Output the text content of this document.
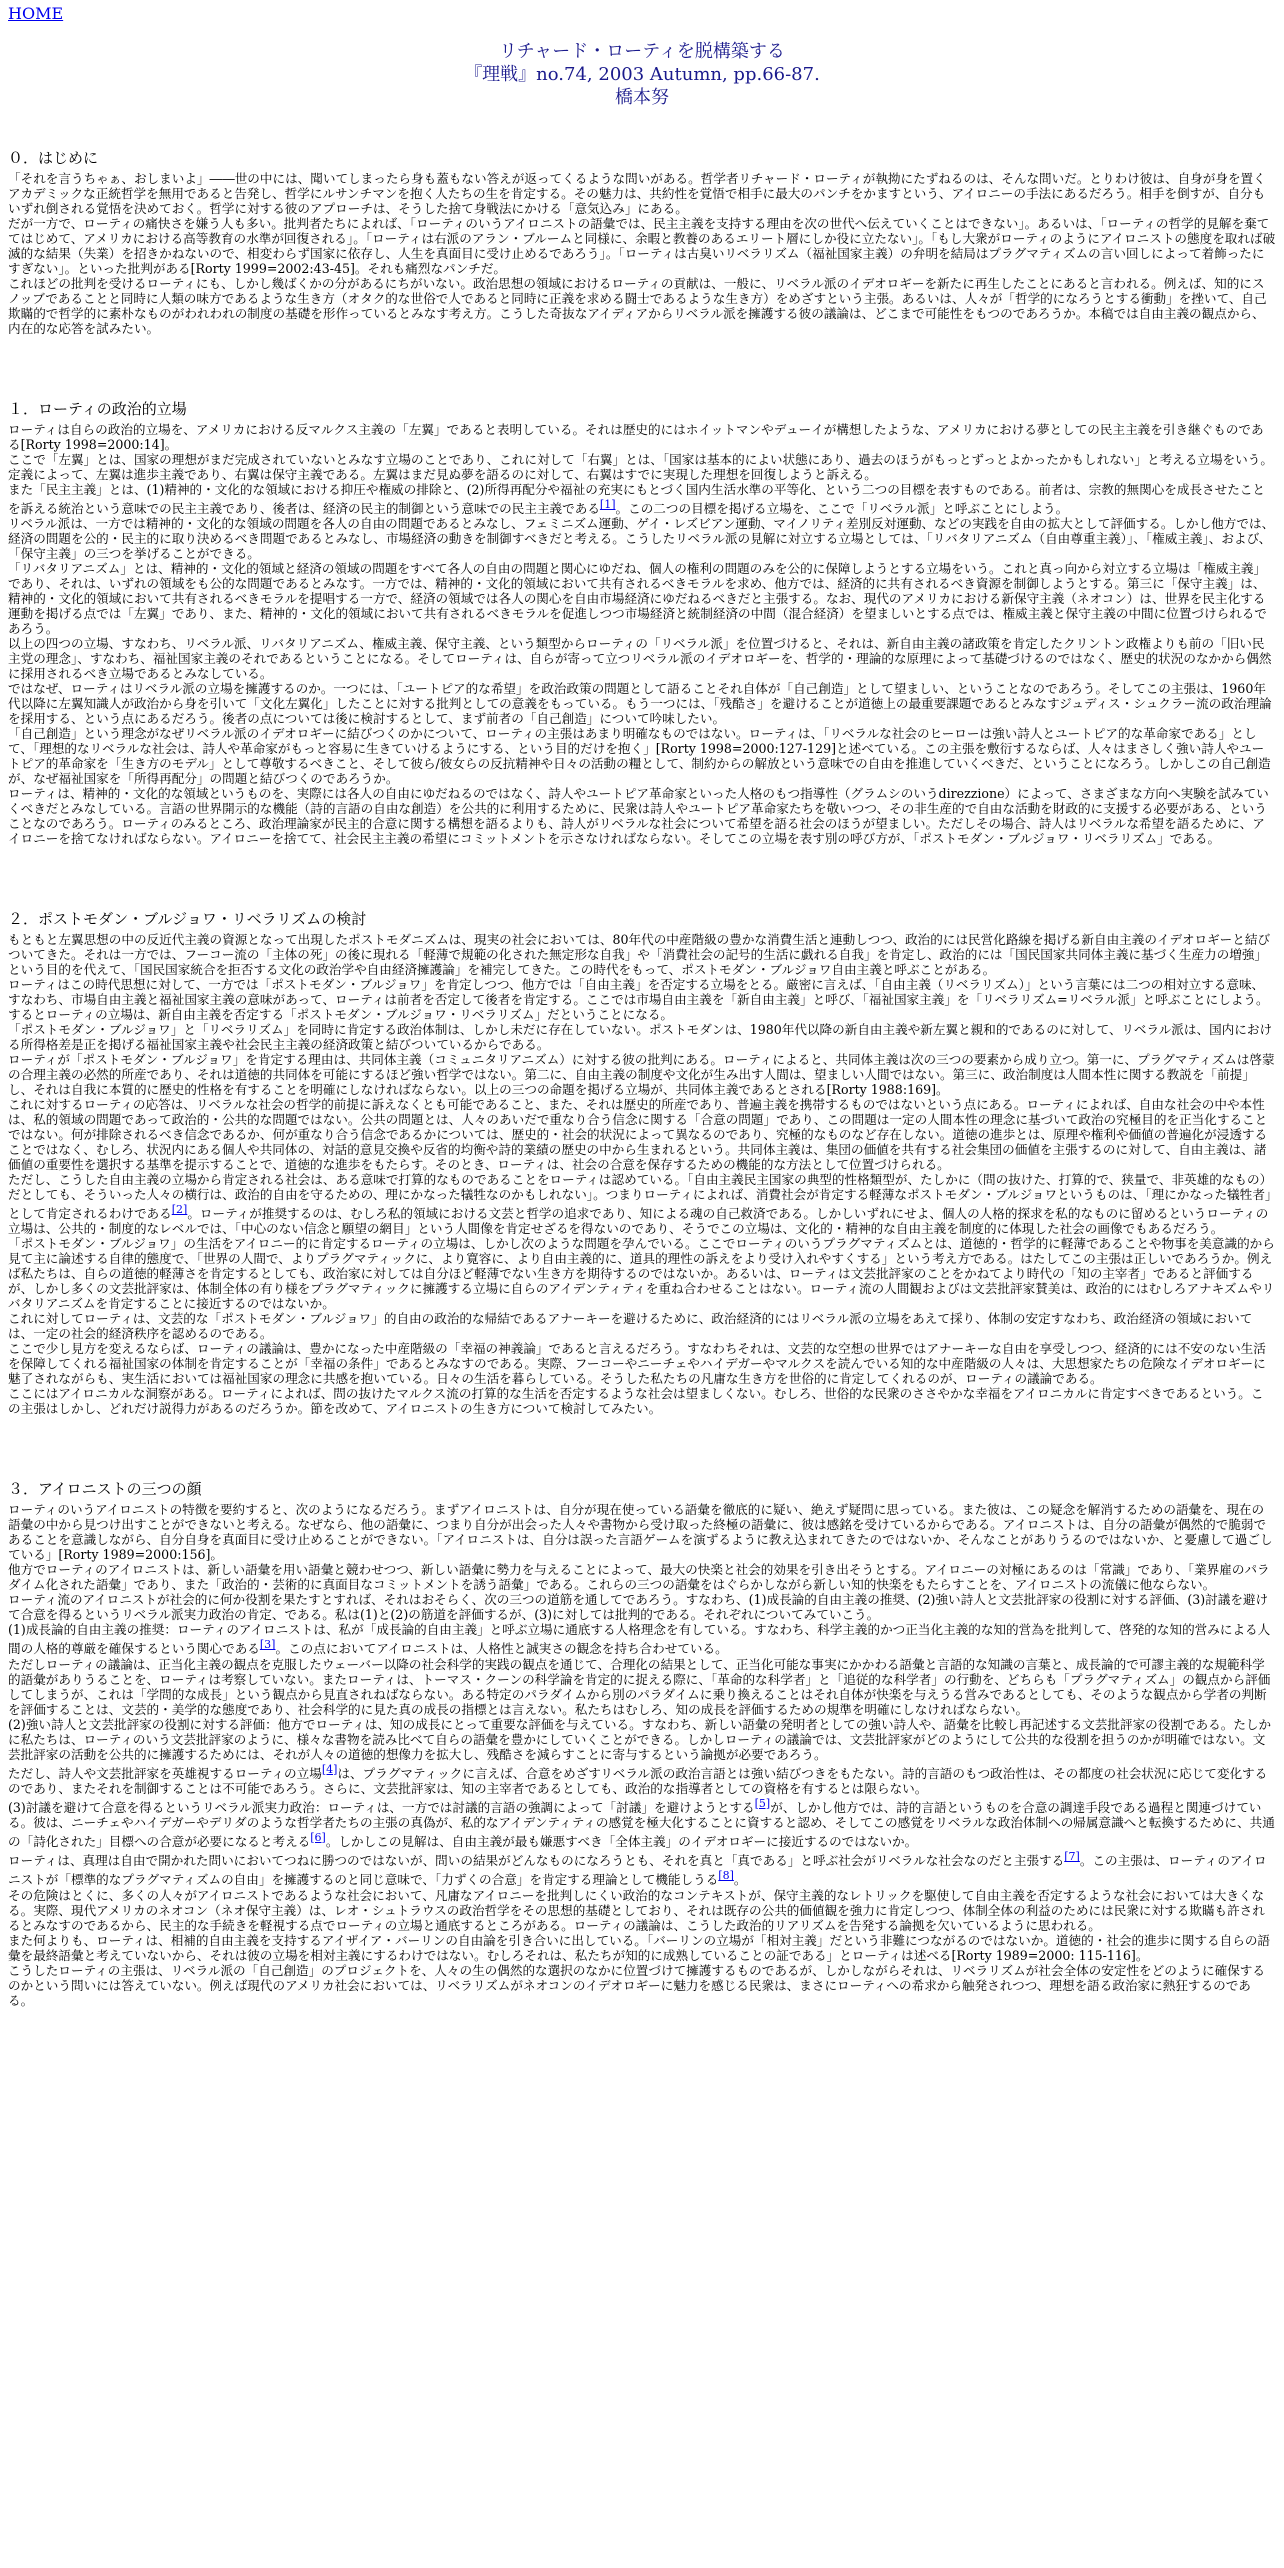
HOME
リチャード・ローティを脱構築する
『理戦』no.74, 2003 Autumn, pp.66-87.
橋本努
０．はじめに

「それを言うちゃぁ、おしまいよ」――世の中には、聞いてしまったら身も蓋もない答えが返ってくるような問いがある。哲学者リチャード・ローティが執拗にたずねるのは、そんな問いだ。とりわけ彼は、自身が身を置くアカデミックな正統哲学を無用であると告発し、哲学にルサンチマンを抱く人たちの生を肯定する。その魅力は、共約性を覚悟で相手に最大のパンチをかますという、アイロニーの手法にあるだろう。相手を倒すが、自分もいずれ倒される覚悟を決めておく。哲学に対する彼のアプローチは、そうした捨て身戦法にかける「意気込み」にある。

だが一方で、ローティの痛快さを嫌う人も多い。批判者たちによれば、「ローティのいうアイロニストの語彙では、民主主義を支持する理由を次の世代へ伝えていくことはできない」。あるいは、「ローティの哲学的見解を棄ててはじめて、アメリカにおける高等教育の水準が回復される」。「ローティは右派のアラン・ブルームと同様に、余暇と教養のあるエリート層にしか役に立たない」。「もし大衆がローティのようにアイロニストの態度を取れば破滅的な結果（失業）を招きかねないので、相変わらず国家に依存し、人生を真面目に受け止めるであろう」。「ローティは古臭いリベラリズム（福祉国家主義）の弁明を結局はプラグマティズムの言い回しによって着飾ったにすぎない」。といった批判がある[Rorty 1999=2002:43-45]。それも痛烈なパンチだ。

これほどの批判を受けるローティにも、しかし幾ばくかの分があるにちがいない。政治思想の領域におけるローティの貢献は、一般に、リベラル派のイデオロギーを新たに再生したことにあると言われる。例えば、知的にスノッブであることと同時に人類の味方であるような生き方（オタク的な世俗で人であると同時に正義を求める闘士であるような生き方）をめざすという主張。あるいは、人々が「哲学的になろうとする衝動」を挫いて、自己欺瞞的で哲学的に素朴なものがわれわれの制度の基礎を形作っているとみなす考え方。こうした奇抜なアイディアからリベラル派を擁護する彼の議論は、どこまで可能性をもつのであろうか。本稿では自由主義の観点から、内在的な応答を試みたい。

１．ローティの政治的立場

ローティは自らの政治的立場を、アメリカにおける反マルクス主義の「左翼」であると表明している。それは歴史的にはホイットマンやデューイが構想したような、アメリカにおける夢としての民主主義を引き継ぐものである[Rorty 1998=2000:14]。

ここで「左翼」とは、国家の理想がまだ完成されていないとみなす立場のことであり、これに対して「右翼」とは、「国家は基本的によい状態にあり、過去のほうがもっとずっとよかったかもしれない」と考える立場をいう。定義によって、左翼は進歩主義であり、右翼は保守主義である。左翼はまだ見ぬ夢を語るのに対して、右翼はすでに実現した理想を回復しようと訴える。

また「民主主義」とは、(1)精神的・文化的な領域における抑圧や権威の排除と、(2)所得再配分や福祉の充実にもとづく国内生活水準の平等化、という二つの目標を表すものである。前者は、宗教的無関心を成長させたことを訴える統治という意味での民主主義であり、後者は、経済の民主的制御という意味での民主主義である[1]。この二つの目標を掲げる立場を、ここで「リベラル派」と呼ぶことにしよう。

リベラル派は、一方では精神的・文化的な領域の問題を各人の自由の問題であるとみなし、フェミニズム運動、ゲイ・レズビアン運動、マイノリティ差別反対運動、などの実践を自由の拡大として評価する。しかし他方では、経済の問題を公的・民主的に取り決めるべき問題であるとみなし、市場経済の動きを制御すべきだと考える。こうしたリベラル派の見解に対立する立場としては、「リバタリアニズム（自由尊重主義）」、「権威主義」、および、「保守主義」の三つを挙げることができる。

「リバタリアニズム」とは、精神的・文化的領域と経済の領域の問題をすべて各人の自由の問題と関心にゆだね、個人の権利の問題のみを公的に保障しようとする立場をいう。これと真っ向から対立する立場は「権威主義」であり、それは、いずれの領域をも公的な問題であるとみなす。一方では、精神的・文化的領域において共有されるべきモラルを求め、他方では、経済的に共有されるべき資源を制御しようとする。第三に「保守主義」は、精神的・文化的領域において共有されるべきモラルを提唱する一方で、経済の領域では各人の関心を自由市場経済にゆだねるべきだと主張する。なお、現代のアメリカにおける新保守主義（ネオコン）は、世界を民主化する運動を掲げる点では「左翼」であり、また、精神的・文化的領域において共有されるべきモラルを促進しつつ市場経済と統制経済の中間（混合経済）を望ましいとする点では、権威主義と保守主義の中間に位置づけられるであろう。

以上の四つの立場、すなわち、リベラル派、リバタリアニズム、権威主義、保守主義、という類型からローティの「リベラル派」を位置づけると、それは、新自由主義の諸政策を肯定したクリントン政権よりも前の「旧い民主党の理念」、すなわち、福祉国家主義のそれであるということになる。そしてローティは、自らが寄って立つリベラル派のイデオロギーを、哲学的・理論的な原理によって基礎づけるのではなく、歴史的状況のなかから偶然に採用されるべき立場であるとみなしている。

ではなぜ、ローティはリベラル派の立場を擁護するのか。一つには、「ユートピア的な希望」を政治政策の問題として語ることそれ自体が「自己創造」として望ましい、ということなのであろう。そしてこの主張は、1960年代以降に左翼知識人が政治から身を引いて「文化左翼化」したことに対する批判としての意義をもっている。もう一つには、「残酷さ」を避けることが道徳上の最重要課題であるとみなすジュディス・シュクラー流の政治理論を採用する、という点にあるだろう。後者の点については後に検討するとして、まず前者の「自己創造」について吟味したい。

「自己創造」という理念がなぜリベラル派のイデオロギーに結びつくのかについて、ローティの主張はあまり明確なものではない。ローティは、「リベラルな社会のヒーローは強い詩人とユートピア的な革命家である」として、「理想的なリベラルな社会は、詩人や革命家がもっと容易に生きていけるようにする、という目的だけを抱く」[Rorty 1998=2000:127-129]と述べている。この主張を敷衍するならば、人々はまさしく強い詩人やユートピア的革命家を「生き方のモデル」として尊敬するべきこと、そして彼ら/彼女らの反抗精神や日々の活動の糧として、制約からの解放という意味での自由を推進していくべきだ、ということになろう。しかしこの自己創造が、なぜ福祉国家を「所得再配分」の問題と結びつくのであろうか。

ローティは、精神的・文化的な領域というものを、実際には各人の自由にゆだねるのではなく、詩人やユートピア革命家といった人格のもつ指導性（グラムシのいうdirezzione）によって、さまざまな方向へ実験を試みていくべきだとみなしている。言語の世界開示的な機能（詩的言語の自由な創造）を公共的に利用するために、民衆は詩人やユートピア革命家たちを敬いつつ、その非生産的で自由な活動を財政的に支援する必要がある、ということなのであろう。ローティのみるところ、政治理論家が民主的合意に関する構想を語るよりも、詩人がリベラルな社会について希望を語る社会のほうが望ましい。ただしその場合、詩人はリベラルな希望を語るために、アイロニーを捨てなければならない。アイロニーを捨てて、社会民主主義の希望にコミットメントを示さなければならない。そしてこの立場を表す別の呼び方が、「ポストモダン・ブルジョワ・リベラリズム」である。

２．ポストモダン・ブルジョワ・リベラリズムの検討

もともと左翼思想の中の反近代主義の資源となって出現したポストモダニズムは、現実の社会においては、80年代の中産階級の豊かな消費生活と連動しつつ、政治的には民営化路線を掲げる新自由主義のイデオロギーと結びついてきた。それは一方では、フーコー流の「主体の死」の後に現れる「軽薄で規範の化された無定形な自我」や「消費社会の記号的生活に戯れる自我」を肯定し、政治的には「国民国家共同体主義に基づく生産力の増強」という目的を代えて、「国民国家統合を拒否する文化の政治学や自由経済擁護論」を補完してきた。この時代をもって、ポストモダン・ブルジョワ自由主義と呼ぶことがある。

ローティはこの時代思想に対して、一方では「ポストモダン・ブルジョワ」を肯定しつつ、他方では「自由主義」を否定する立場をとる。厳密に言えば、「自由主義（リベラリズム）」という言葉には二つの相対立する意味、すなわち、市場自由主義と福祉国家主義の意味があって、ローティは前者を否定して後者を肯定する。ここでは市場自由主義を「新自由主義」と呼び、「福祉国家主義」を「リベラリズム=リベラル派」と呼ぶことにしよう。するとローティの立場は、新自由主義を否定する「ポストモダン・ブルジョワ・リベラリズム」だということになる。

「ポストモダン・ブルジョワ」と「リベラリズム」を同時に肯定する政治体制は、しかし未だに存在していない。ポストモダンは、1980年代以降の新自由主義や新左翼と親和的であるのに対して、リベラル派は、国内における所得格差是正を掲げる福祉国家主義や社会民主主義の経済政策と結びついているからである。

ローティが「ポストモダン・ブルジョワ」を肯定する理由は、共同体主義（コミュニタリアニズム）に対する彼の批判にある。ローティによると、共同体主義は次の三つの要素から成り立つ。第一に、プラグマティズムは啓蒙の合理主義の必然的所産であり、それは道徳的共同体を可能にするほど強い哲学ではない。第二に、自由主義の制度や文化が生み出す人間は、望ましい人間ではない。第三に、政治制度は人間本性に関する教説を「前提」し、それは自我に本質的に歴史的性格を有することを明確にしなければならない。以上の三つの命題を掲げる立場が、共同体主義であるとされる[Rorty 1988:169]。

これに対するローティの応答は、リベラルな社会の哲学的前提に訴えなくとも可能であること、また、それは歴史的所産であり、普遍主義を携帯するものではないという点にある。ローティによれば、自由な社会の中や本性は、私的領域の問題であって政治的・公共的な問題ではない。公共の問題とは、人々のあいだで重なり合う信念に関する「合意の問題」であり、この問題は一定の人間本性の理念に基づいて政治の究極目的を正当化することではない。何が排除されるべき信念であるか、何が重なり合う信念であるかについては、歴史的・社会的状況によって異なるのであり、究極的なものなど存在しない。道徳の進歩とは、原理や権利や価値の普遍化が浸透することではなく、むしろ、状況内にある個人や共同体の、対話的意見交換や反省的均衡や詩的業績の歴史の中から生まれるという。共同体主義は、集団の価値を共有する社会集団の価値を主張するのに対して、自由主義は、諸価値の重要性を選択する基準を提示することで、道徳的な進歩をもたらす。そのとき、ローティは、社会の合意を保存するための機能的な方法として位置づけられる。

ただし、こうした自由主義の立場から肯定される社会は、ある意味で打算的なものであることをローティは認めている。「自由主義民主国家の典型的性格類型が、たしかに（問の抜けた、打算的で、狭量で、非英雄的なもの）だとしても、そういった人々の横行は、政治的自由を守るための、理にかなった犠牲なのかもしれない」。つまりローティによれば、消費社会が肯定する軽薄なポストモダン・ブルジョワというものは、「理にかなった犠牲者」として肯定されるわけである[2]。ローティが推奨するのは、むしろ私的領域における文芸と哲学の追求であり、知による魂の自己救済である。しかしいずれにせよ、個人の人格的探求を私的なものに留めるというローティの立場は、公共的・制度的なレベルでは、「中心のない信念と願望の網目」という人間像を肯定せざるを得ないのであり、そうでこの立場は、文化的・精神的な自由主義を制度的に体現した社会の画像でもあるだろう。

「ポストモダン・ブルジョワ」の生活をアイロニー的に肯定するローティの立場は、しかし次のような問題を孕んでいる。ここでローティのいうプラグマティズムとは、道徳的・哲学的に軽薄であることや物事を美意識的から見て主に論述する自律的態度で、「世界の人間で、よりプラグマティックに、より寛容に、より自由主義的に、道具的理性の訴えをより受け入れやすくする」という考え方である。はたしてこの主張は正しいであろうか。例えば私たちは、自らの道徳的軽薄さを肯定するとしても、政治家に対しては自分ほど軽薄でない生き方を期待するのではないか。あるいは、ローティは文芸批評家のことをかねてより時代の「知の主宰者」であると評価するが、しかし多くの文芸批評家は、体制全体の有り様をプラグマティックに擁護する立場に自らのアイデンティティを重ね合わせることはない。ローティ流の人間観およびは文芸批評家賛美は、政治的にはむしろアナキズムやリバタリアニズムを肯定することに接近するのではないか。

これに対してローティは、文芸的な「ポストモダン・ブルジョワ」的自由の政治的な帰結であるアナーキーを避けるために、政治経済的にはリベラル派の立場をあえて採り、体制の安定すなわち、政治経済の領域においては、一定の社会的経済秩序を認めるのである。

ここで少し見方を変えるならば、ローティの議論は、豊かになった中産階級の「幸福の神義論」であると言えるだろう。すなわちそれは、文芸的な空想の世界ではアナーキーな自由を享受しつつ、経済的には不安のない生活を保障してくれる福祉国家の体制を肯定することが「幸福の条件」であるとみなすのである。実際、フーコーやニーチェやハイデガーやマルクスを読んでいる知的な中産階級の人々は、大思想家たちの危険なイデオロギーに魅了されながらも、実生活においては福祉国家の理念に共感を抱いている。日々の生活を暮らしている。そうした私たちの凡庸な生き方を世俗的に肯定してくれるのが、ローティの議論である。

ここにはアイロニカルな洞察がある。ローティによれば、問の抜けたマルクス流の打算的な生活を否定するような社会は望ましくない。むしろ、世俗的な民衆のささやかな幸福をアイロニカルに肯定すべきであるという。この主張はしかし、どれだけ説得力があるのだろうか。節を改めて、アイロニストの生き方について検討してみたい。

３．アイロニストの三つの顔

ローティのいうアイロニストの特徴を要約すると、次のようになるだろう。まずアイロニストは、自分が現在使っている語彙を徹底的に疑い、絶えず疑問に思っている。また彼は、この疑念を解消するための語彙を、現在の語彙の中から見つけ出すことができないと考える。なぜなら、他の語彙に、つまり自分が出会った人々や書物から受け取った終極の語彙に、彼は感銘を受けているからである。アイロニストは、自分の語彙が偶然的で脆弱であることを意識しながら、自分自身を真面目に受け止めることができない。「アイロニストは、自分は誤った言語ゲームを演ずるように教え込まれてきたのではないか、そんなことがありうるのではないか、と憂慮して過ごしている」[Rorty 1989=2000:156]。

他方でローティのアイロニストは、新しい語彙を用い語彙と競わせつつ、新しい語彙に勢力を与えることによって、最大の快楽と社会的効果を引き出そうとする。アイロニーの対極にあるのは「常識」であり、「業界雇のパラダイム化された語彙」であり、また「政治的・芸術的に真面目なコミットメントを誘う語彙」である。これらの三つの語彙をはぐらかしながら新しい知的快楽をもたらすことを、アイロニストの流儀に他ならない。

ローティ流のアイロニストが社会的に何か役割を果たすとすれば、それはおそらく、次の三つの道筋を通してであろう。すなわち、(1)成長論的自由主義の推奨、(2)強い詩人と文芸批評家の役割に対する評価、(3)討議を避けて合意を得るというリベラル派実力政治の肯定、である。私は(1)と(2)の筋道を評価するが、(3)に対しては批判的である。それぞれについてみていこう。

(1)成長論的自由主義の推奨：ローティのアイロニストは、私が「成長論的自由主義」と呼ぶ立場に通底する人格理念を有している。すなわち、科学主義的かつ正当化主義的な知的営為を批判して、啓発的な知的営みによる人間の人格的尊厳を確保するという関心である[3]。この点においてアイロニストは、人格性と誠実さの観念を持ち合わせている。

ただしローティの議論は、正当化主義の観点を克服したウェーバー以降の社会科学的実践の観点を通じて、合理化の結果として、正当化可能な事実にかかわる語彙と言語的な知識の言葉と、成長論的で可謬主義的な規範科学的語彙がありうることを、ローティは考察していない。またローティは、トーマス・クーンの科学論を肯定的に捉える際に、「革命的な科学者」と「追従的な科学者」の行動を、どちらも「プラグマティズム」の観点から評価してしまうが、これは「学問的な成長」という観点から見直されねばならない。ある特定のパラダイムから別のパラダイムに乗り換えることはそれ自体が快楽を与えうる営みであるとしても、そのような観点から学者の判断を評価することは、文芸的・美学的な態度であり、社会科学的に見た真の成長の指標とは言えない。私たちはむしろ、知の成長を評価するための規準を明確にしなければならない。

(2)強い詩人と文芸批評家の役割に対する評価：他方でローティは、知の成長にとって重要な評価を与えている。すなわち、新しい語彙の発明者としての強い詩人や、語彙を比較し再記述する文芸批評家の役割である。たしかに私たちは、ローティのいう文芸批評家のように、様々な書物を読み比べて自らの語彙を豊かにしていくことができる。しかしローティの議論では、文芸批評家がどのようにして公共的な役割を担うのかが明確ではない。文芸批評家の活動を公共的に擁護するためには、それが人々の道徳的想像力を拡大し、残酷さを減らすことに寄与するという論拠が必要であろう。

ただし、詩人や文芸批評家を英雄視するローティの立場[4]は、プラグマティックに言えば、合意をめざすリベラル派の政治言語とは強い結びつきをもたない。詩的言語のもつ政治性は、その都度の社会状況に応じて変化するのであり、またそれを制御することは不可能であろう。さらに、文芸批評家は、知の主宰者であるとしても、政治的な指導者としての資格を有するとは限らない。

(3)討議を避けて合意を得るというリベラル派実力政治：ローティは、一方では討議的言語の強調によって「討議」を避けようとする[5]が、しかし他方では、詩的言語というものを合意の調達手段である過程と関連づけている。彼は、ニーチェやハイデガーやデリダのような哲学者たちの主張の真偽が、私的なアイデンティティの感覚を極大化することに資すると認め、そしてこの感覚をリベラルな政治体制への帰属意識へと転換するために、共通の「詩化された」目標への合意が必要になると考える[6]。しかしこの見解は、自由主義が最も嫌悪すべき「全体主義」のイデオロギーに接近するのではないか。

ローティは、真理は自由で開かれた問いにおいてつねに勝つのではないが、問いの結果がどんなものになろうとも、それを真と「真である」と呼ぶ社会がリベラルな社会なのだと主張する[7]。この主張は、ローティのアイロニストが「標準的なプラグマティズムの自由」を擁護するのと同じ意味で、「力ずくの合意」を肯定する理論として機能しうる[8]。

その危険はとくに、多くの人々がアイロニストであるような社会において、凡庸なアイロニーを批判しにくい政治的なコンテキストが、保守主義的なレトリックを駆使して自由主義を否定するような社会においては大きくなる。実際、現代アメリカのネオコン（ネオ保守主義）は、レオ・シュトラウスの政治哲学をその思想的基礎としており、それは既存の公共的価値観を強力に肯定しつつ、体制全体の利益のためには民衆に対する欺瞞も許されるとみなすのであるから、民主的な手続きを軽視する点でローティの立場と通底するところがある。ローティの議論は、こうした政治的リアリズムを告発する論拠を欠いているように思われる。

また何よりも、ローティは、相補的自由主義を支持するアイザイア・バーリンの自由論を引き合いに出している。「バーリンの立場が「相対主義」だという非難につながるのではないか。道徳的・社会的進歩に関する自らの語彙を最終語彙と考えていないから、それは彼の立場を相対主義にするわけではない。むしろそれは、私たちが知的に成熟していることの証である」とローティは述べる[Rorty 1989=2000: 115-116]。

こうしたローティの主張は、リベラル派の「自己創造」のプロジェクトを、人々の生の偶然的な選択のなかに位置づけて擁護するものであるが、しかしながらそれは、リベラリズムが社会全体の安定性をどのように確保するのかという問いには答えていない。例えば現代のアメリカ社会においては、リベラリズムがネオコンのイデオロギーに魅力を感じる民衆は、まさにローティへの希求から触発されつつ、理想を語る政治家に熱狂するのである。
